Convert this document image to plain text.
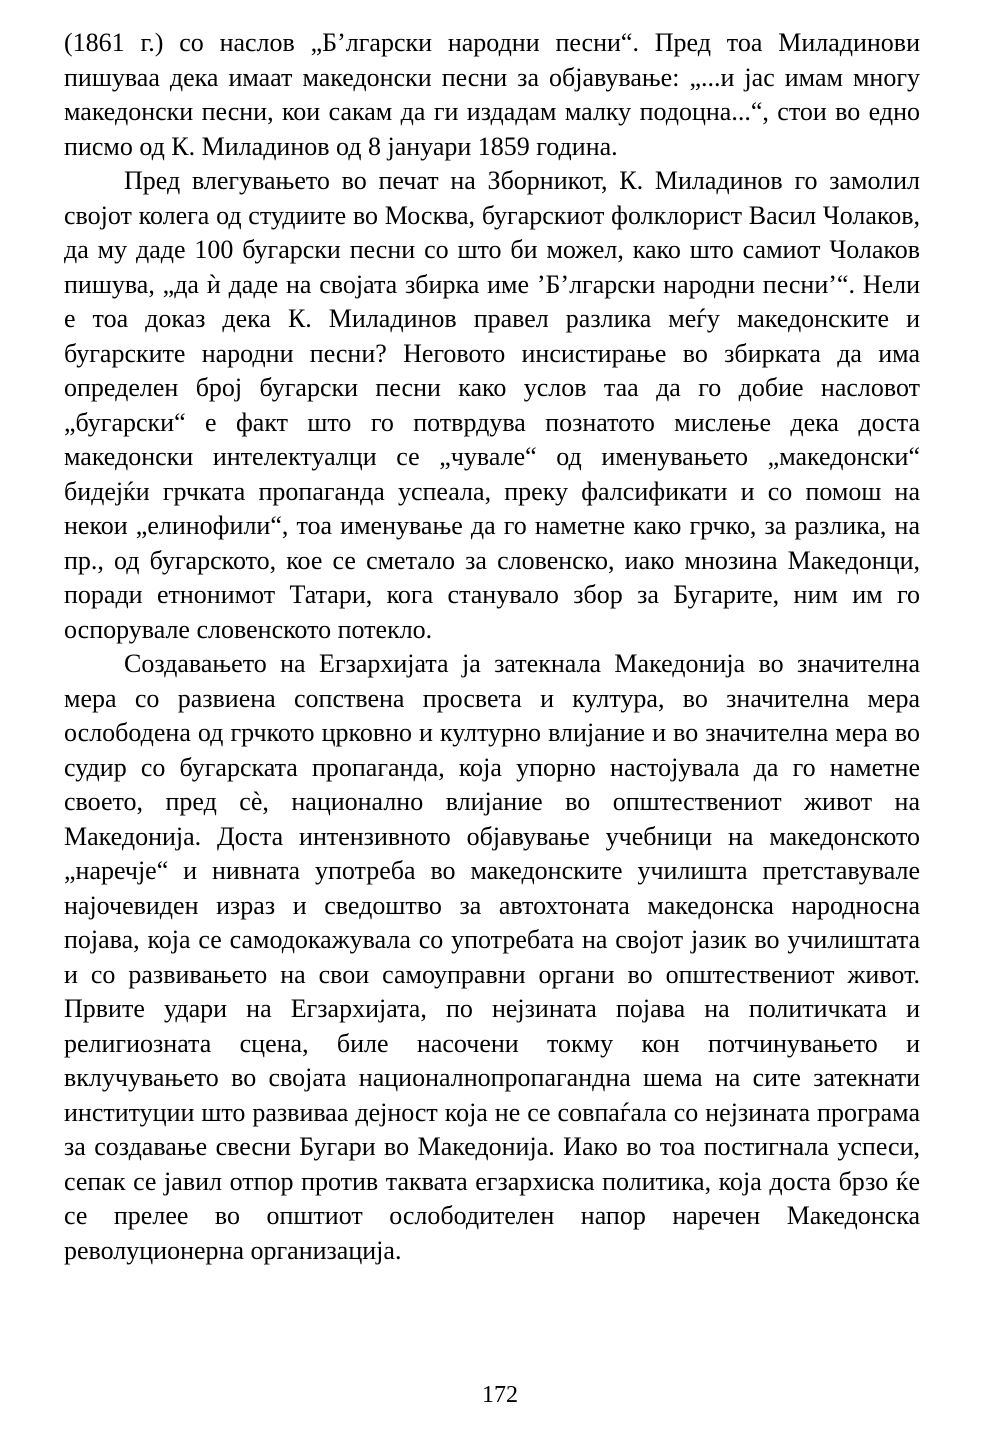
(1861 г.) со наслов „Б’лгарски народни песни“. Пред тоа Миладинови пишуваа дека имаат македонски песни за објавување: „...и јас имам многу македонски песни, кои сакам да ги издадам малку подоцна...“, стои во едно писмо од К. Миладинов од 8 јануари 1859 година.

Пред влегувањето во печат на Зборникот, К. Миладинов го замолил својот колега од студиите во Москва, бугарскиот фолклорист Васил Чолаков, да му даде 100 бугарски песни со што би можел, како што самиот Чолаков пишува, „да ѝ даде на својата збирка име ’Б’лгарски народни песни’“. Нели е тоа доказ дека К. Миладинов правел разлика меѓу македонските и бугарските народни песни? Неговото инсистирање во збирката да има определен број бугарски песни како услов таа да го добие насловот „бугарски“ е факт што го потврдува познатото мислење дека доста македонски интелектуалци се „чувале“ од именувањето „македонски“ бидејќи грчката пропаганда успеала, преку фалсификати и со помош на некои „елинофили“, тоа именување да го наметне како грчко, за разлика, на пр., од бугарското, кое се сметало за словенско, иако мнозина Македонци, поради етнонимот Татари, кога станувало збор за Бугарите, ним им го оспорувале словенското потекло.

Создавањето на Егзархијата ја затекнала Македонија во значителна мера со развиена сопствена просвета и култура, во значителна мера ослободена од грчкото црковно и културно влијание и во значителна мера во судир со бугарската пропаганда, која упорно настојувала да го наметне своето, пред сѐ, национално влијание во општествениот живот на Македонија. Доста интензивното објавување учебници на македонското „наречје“ и нивната употреба во македонските училишта претставувале најочевиден израз и сведоштво за автохтоната македонска народносна појава, која се самодокажувала со употребата на својот јазик во училиштата и со развивањето на свои самоуправни органи во општествениот живот. Првите удари на Егзархијата, по нејзината појава на политичката и религиозната сцена, биле насочени токму кон потчинувањето и вклучувањето во својата националнопропагандна шема на сите затекнати институции што развиваа дејност која не се совпаѓала со нејзината програма за создавање свесни Бугари во Македонија. Иако во тоа постигнала успеси, сепак се јавил отпор против таквата егзархиска политика, која доста брзо ќе се прелее во општиот ослободителен напор наречен Македонска револуционерна организација.

172
